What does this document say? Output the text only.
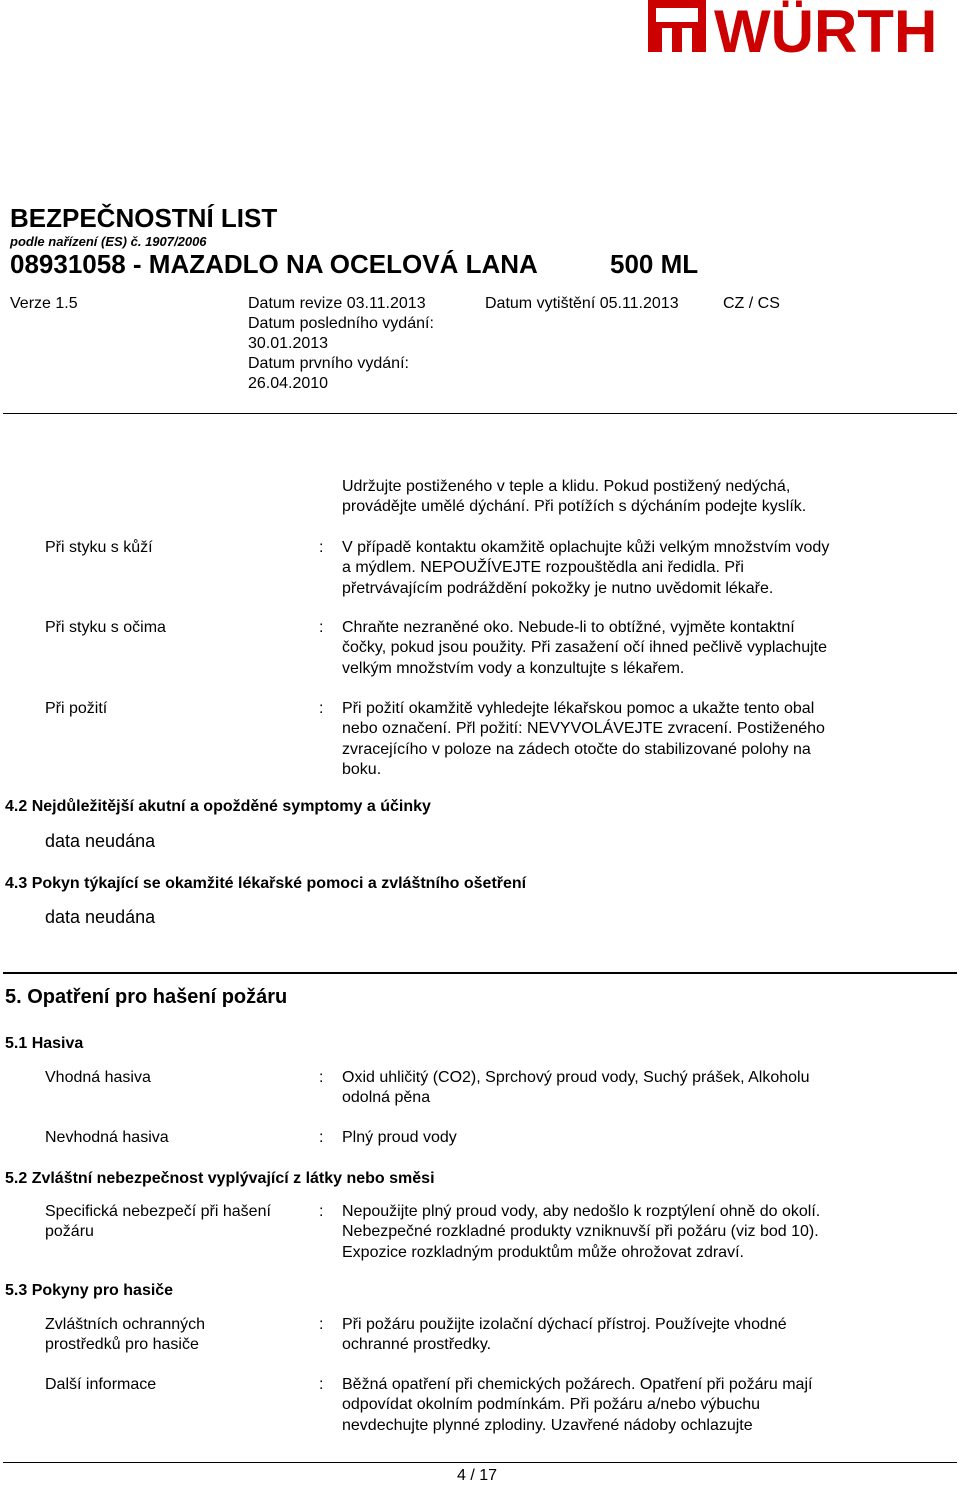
WÜRTH
BEZPEČNOSTNÍ LIST
podle nařízení (ES) č. 1907/2006
08931058 - MAZADLO NA OCELOVÁ LANA	500 ML
Verze 1.5	Datum revize 03.11.2013
Datum posledního vydání:
30.01.2013
Datum prvního vydání:
26.04.2010
Datum vytištění 05.11.2013	CZ / CS
Udržujte postiženého v teple a klidu. Pokud postižený nedýchá,
provádějte umělé dýchání. Při potížích s dýcháním podejte kyslík.
Při styku s kůží	: V případě kontaktu okamžitě oplachujte kůži velkým množstvím vody
a mýdlem. NEPOUŽÍVEJTE rozpouštědla ani ředidla. Při
přetrvávajícím podráždění pokožky je nutno uvědomit lékaře.
Při styku s očima	: Chraňte nezraněné oko. Nebude-li to obtížné, vyjměte kontaktní
čočky, pokud jsou použity. Při zasažení očí ihned pečlivě vyplachujte
velkým množstvím vody a konzultujte s lékařem.
Při požití	: Při požití okamžitě vyhledejte lékařskou pomoc a ukažte tento obal
nebo označení. Přl požití: NEVYVOLÁVEJTE zvracení. Postiženého
zvracejícího v poloze na zádech otočte do stabilizované polohy na
boku.
4.2 Nejdůležitější akutní a opožděné symptomy a účinky
data neudána
4.3 Pokyn týkající se okamžité lékařské pomoci a zvláštního ošetření
data neudána
5. Opatření pro hašení požáru
5.1 Hasiva
Vhodná hasiva	: Oxid uhličitý (CO2), Sprchový proud vody, Suchý prášek, Alkoholu
odolná pěna
Nevhodná hasiva	: Plný proud vody
5.2 Zvláštní nebezpečnost vyplývající z látky nebo směsi
Specifická nebezpečí při hašení
požáru
: Nepoužijte plný proud vody, aby nedošlo k rozptýlení ohně do okolí.
Nebezpečné rozkladné produkty vzniknuvší při požáru (viz bod 10).
Expozice rozkladným produktům může ohrožovat zdraví.
5.3 Pokyny pro hasiče
Zvláštních ochranných
prostředků pro hasiče
: Při požáru použijte izolační dýchací přístroj. Používejte vhodné
ochranné prostředky.
Další informace	: Běžná opatření při chemických požárech. Opatření při požáru mají
odpovídat okolním podmínkám. Při požáru a/nebo výbuchu
nevdechujte plynné zplodiny. Uzavřené nádoby ochlazujte
4 / 17
